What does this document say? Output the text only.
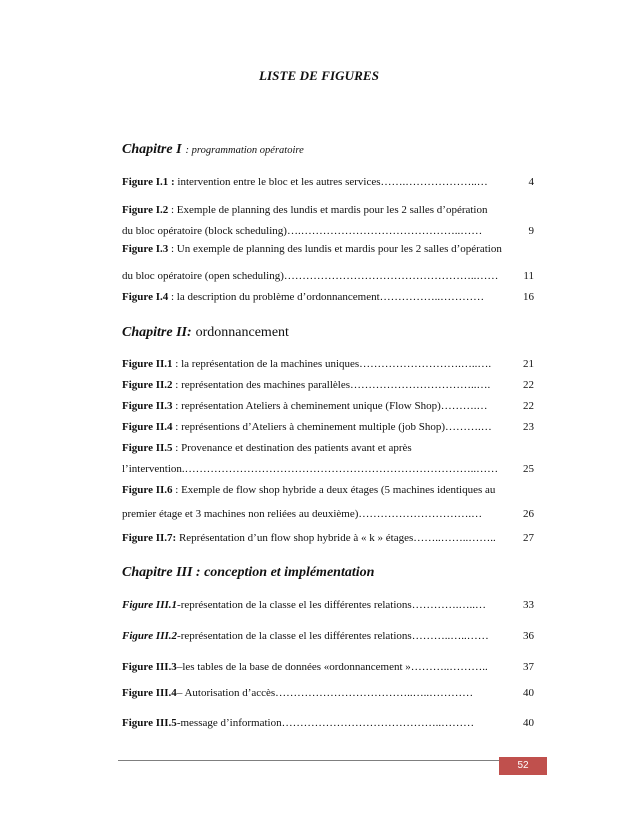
LISTE DE FIGURES
Chapitre I : programmation opératoire
4
Figure I.1 : intervention entre le bloc et les autres services…….………………..…
Figure I.2 : Exemple de planning des lundis et mardis pour les 2 salles d’opération
9
du bloc opératoire (block scheduling)….……………………………………..……
Figure I.3 : Un exemple de planning des lundis et mardis pour les 2 salles d’opération
11
du bloc opératoire (open scheduling)……………………………………………..……
16
Figure I.4 : la description du problème d’ordonnancement……………..…………
Chapitre II: ordonnancement
21
Figure II.1 : la représentation de la machines uniques……………………….…..….
22
Figure II.2 : représentation des machines parallèles……………………………..….
22
Figure II.3 : représentation Ateliers à cheminement unique (Flow Shop)……….…
23
Figure II.4 : représentions d’Ateliers à cheminement multiple (job Shop)……….…
Figure II.5 : Provenance et destination des patients avant et après
25
l’intervention.……………………………………………………………………..……
Figure II.6 : Exemple de flow shop hybride a deux étages (5 machines identiques au
26
premier étage et 3 machines non reliées au deuxième)………………………….…
27
Figure II.7: Représentation d’un flow shop hybride à « k » étages……..……..……..
Chapitre III : conception et implémentation
33
Figure III.1-représentation de la classe el les différentes relations………….…..…
36
Figure III.2-représentation de la classe el les différentes relations………..…..……
37
Figure III.3–les tables de la base de données «ordonnancement »………..………..
40
Figure III.4– Autorisation d’accès………………………………..…..…………
40
Figure III.5-message d’information……………………………………..………
52
